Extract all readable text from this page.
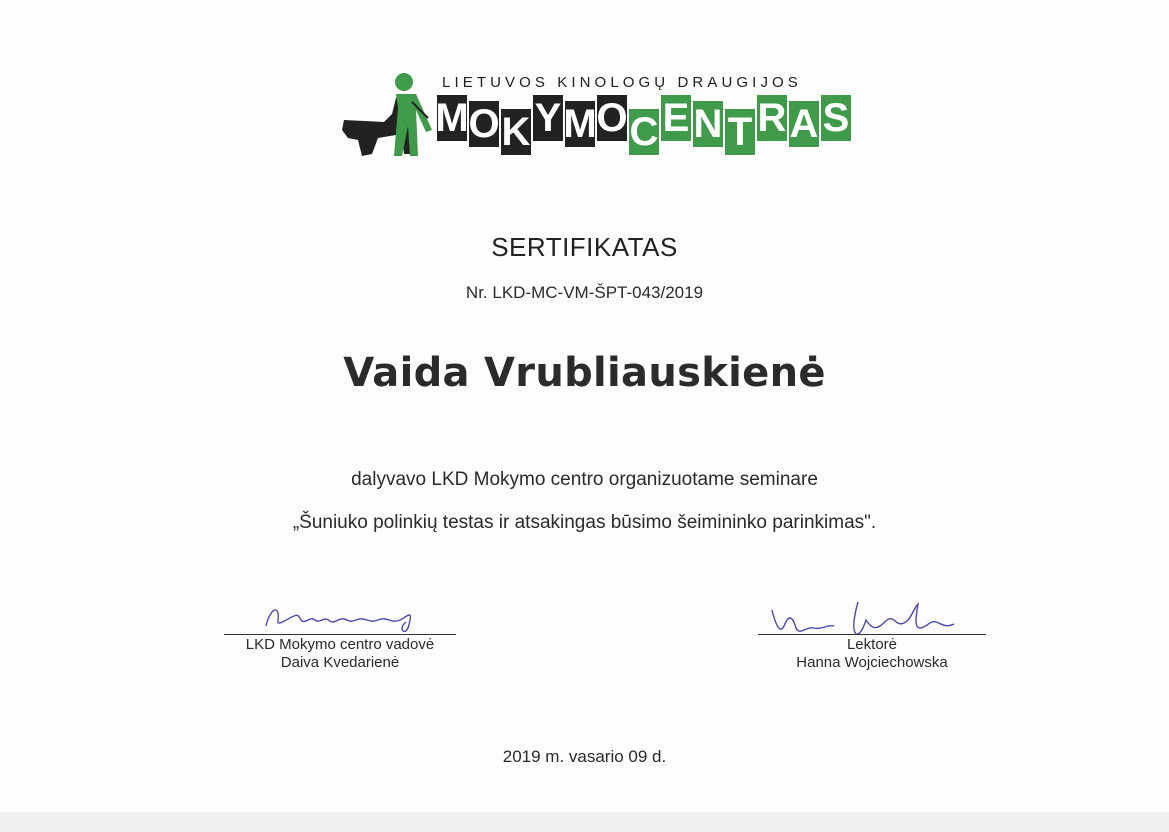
LIETUVOS KINOLOGŲ DRAUGIJOS
M O K Y M O C E N T R A S
SERTIFIKATAS
Nr. LKD-MC-VM-ŠPT-043/2019
Vaida Vrubliauskienė
dalyvavo LKD Mokymo centro organizuotame seminare
„Šuniuko polinkių testas ir atsakingas būsimo šeimininko parinkimas".
LKD Mokymo centro vadovė
Daiva Kvedarienė
Lektorė
Hanna Wojciechowska
2019 m. vasario 09 d.
